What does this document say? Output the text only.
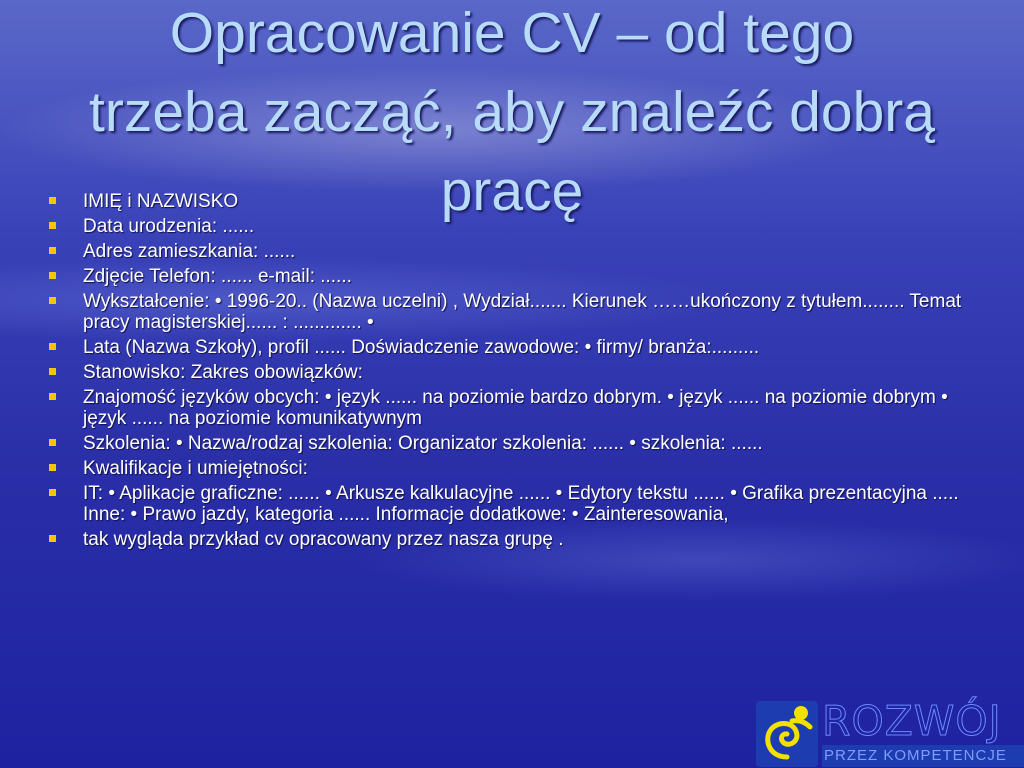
Opracowanie CV – od tego
trzeba zacząć, aby znaleźć dobrą
pracę
IMIĘ i NAZWISKO
Data urodzenia: ......
Adres zamieszkania: ......
Zdjęcie Telefon: ...... e-mail: ......
Wykształcenie: • 1996-20.. (Nazwa uczelni) , Wydział....... Kierunek ……ukończony z tytułem........ Temat pracy magisterskiej...... : ............. •
Lata (Nazwa Szkoły), profil ...... Doświadczenie zawodowe: • firmy/ branża:.........
Stanowisko: Zakres obowiązków:
Znajomość języków obcych: • język ...... na poziomie bardzo dobrym. • język ...... na poziomie dobrym • język ...... na poziomie komunikatywnym
Szkolenia: • Nazwa/rodzaj szkolenia: Organizator szkolenia: ...... • szkolenia: ......
Kwalifikacje i umiejętności:
IT: • Aplikacje graficzne: ...... • Arkusze kalkulacyjne ...... • Edytory tekstu ...... • Grafika prezentacyjna ..... Inne: • Prawo jazdy, kategoria ...... Informacje dodatkowe: • Zainteresowania,
tak wygląda przykład cv opracowany przez nasza grupę .
ROZWÓJ
PRZEZ KOMPETENCJE
